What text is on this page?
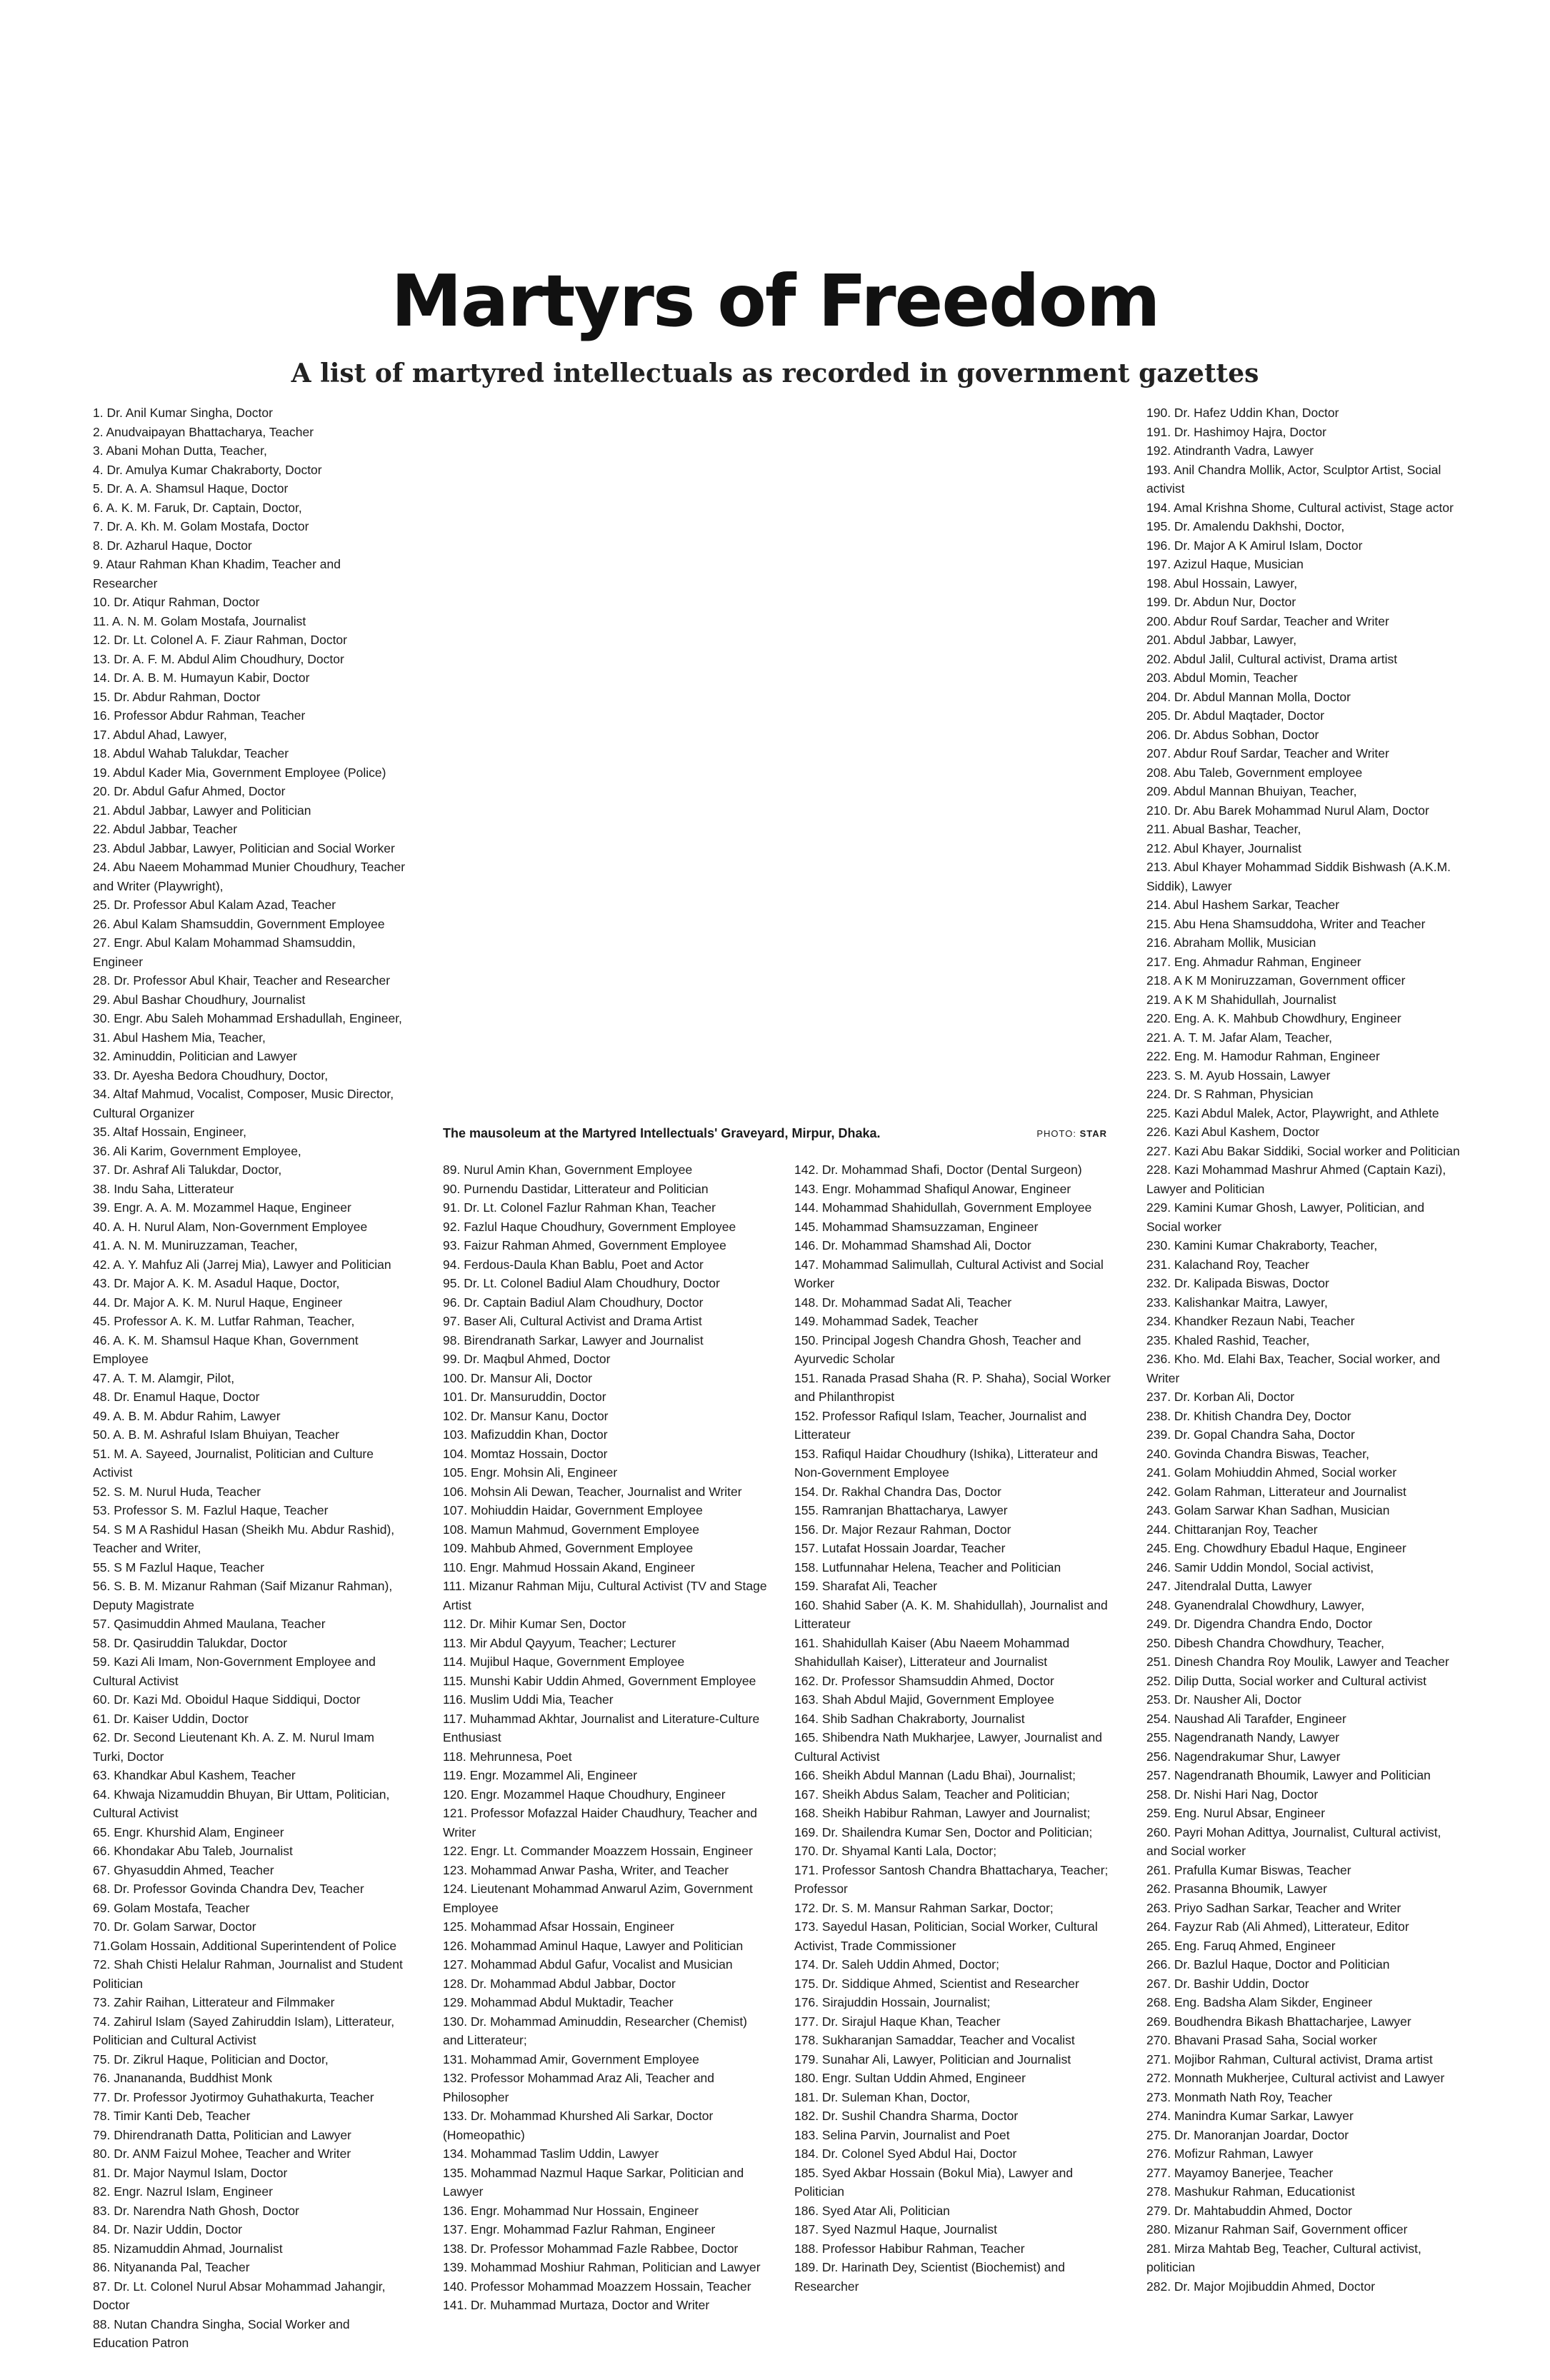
Martyrs of Freedom
A list of martyred intellectuals as recorded in government gazettes
1. Dr. Anil Kumar Singha, Doctor
2. Anudvaipayan Bhattacharya, Teacher
3. Abani Mohan Dutta, Teacher,
4. Dr. Amulya Kumar Chakraborty, Doctor
5. Dr. A. A. Shamsul Haque, Doctor
6. A. K. M. Faruk, Dr. Captain, Doctor,
7. Dr. A. Kh. M. Golam Mostafa, Doctor
8. Dr. Azharul Haque, Doctor
9. Ataur Rahman Khan Khadim, Teacher and Researcher
10. Dr. Atiqur Rahman, Doctor
11. A. N. M. Golam Mostafa, Journalist
12. Dr. Lt. Colonel A. F. Ziaur Rahman, Doctor
13. Dr. A. F. M. Abdul Alim Choudhury, Doctor
14. Dr. A. B. M. Humayun Kabir, Doctor
15. Dr. Abdur Rahman, Doctor
16. Professor Abdur Rahman, Teacher
17. Abdul Ahad, Lawyer,
18. Abdul Wahab Talukdar, Teacher
19. Abdul Kader Mia, Government Employee (Police)
20. Dr. Abdul Gafur Ahmed, Doctor
21. Abdul Jabbar, Lawyer and Politician
22. Abdul Jabbar, Teacher
23. Abdul Jabbar, Lawyer, Politician and Social Worker
24. Abu Naeem Mohammad Munier Choudhury, Teacher and Writer (Playwright),
25. Dr. Professor Abul Kalam Azad, Teacher
26. Abul Kalam Shamsuddin, Government Employee
27. Engr. Abul Kalam Mohammad Shamsuddin, Engineer
28. Dr. Professor Abul Khair, Teacher and Researcher
29. Abul Bashar Choudhury, Journalist
30. Engr. Abu Saleh Mohammad Ershadullah, Engineer,
31. Abul Hashem Mia, Teacher,
32. Aminuddin, Politician and Lawyer
33. Dr. Ayesha Bedora Choudhury, Doctor,
34. Altaf Mahmud, Vocalist, Composer, Music Director, Cultural Organizer
35. Altaf Hossain, Engineer,
36. Ali Karim, Government Employee,
37. Dr. Ashraf Ali Talukdar, Doctor,
38. Indu Saha, Litterateur
39. Engr. A. A. M. Mozammel Haque, Engineer
40. A. H. Nurul Alam, Non-Government Employee
41. A. N. M. Muniruzzaman, Teacher,
42. A. Y. Mahfuz Ali (Jarrej Mia), Lawyer and Politician
43. Dr. Major A. K. M. Asadul Haque, Doctor,
44. Dr. Major A. K. M. Nurul Haque, Engineer
45. Professor A. K. M. Lutfar Rahman, Teacher,
46. A. K. M. Shamsul Haque Khan, Government Employee
47. A. T. M. Alamgir, Pilot,
48. Dr. Enamul Haque, Doctor
49. A. B. M. Abdur Rahim, Lawyer
50. A. B. M. Ashraful Islam Bhuiyan, Teacher
51. M. A. Sayeed, Journalist, Politician and Culture Activist
52. S. M. Nurul Huda, Teacher
53. Professor S. M. Fazlul Haque, Teacher
54. S M A Rashidul Hasan (Sheikh Mu. Abdur Rashid), Teacher and Writer,
55. S M Fazlul Haque, Teacher
56. S. B. M. Mizanur Rahman (Saif Mizanur Rahman), Deputy Magistrate
57. Qasimuddin Ahmed Maulana, Teacher
58. Dr. Qasiruddin Talukdar, Doctor
59. Kazi Ali Imam, Non-Government Employee and Cultural Activist
60. Dr. Kazi Md. Oboidul Haque Siddiqui, Doctor
61. Dr. Kaiser Uddin, Doctor
62. Dr. Second Lieutenant Kh. A. Z. M. Nurul Imam Turki, Doctor
63. Khandkar Abul Kashem, Teacher
64. Khwaja Nizamuddin Bhuyan, Bir Uttam, Politician, Cultural Activist
65. Engr. Khurshid Alam, Engineer
66. Khondakar Abu Taleb, Journalist
67. Ghyasuddin Ahmed, Teacher
68. Dr. Professor Govinda Chandra Dev, Teacher
69. Golam Mostafa, Teacher
70. Dr. Golam Sarwar, Doctor
71.Golam Hossain, Additional Superintendent of Police
72. Shah Chisti Helalur Rahman, Journalist and Student Politician
73. Zahir Raihan, Litterateur and Filmmaker
74. Zahirul Islam (Sayed Zahiruddin Islam), Litterateur, Politician and Cultural Activist
75. Dr. Zikrul Haque, Politician and Doctor,
76. Jnanananda, Buddhist Monk
77. Dr. Professor Jyotirmoy Guhathakurta, Teacher
78. Timir Kanti Deb, Teacher
79. Dhirendranath Datta, Politician and Lawyer
80. Dr. ANM Faizul Mohee, Teacher and Writer
81. Dr. Major Naymul Islam, Doctor
82. Engr. Nazrul Islam, Engineer
83. Dr. Narendra Nath Ghosh, Doctor
84. Dr. Nazir Uddin, Doctor
85. Nizamuddin Ahmad, Journalist
86. Nityananda Pal, Teacher
87. Dr. Lt. Colonel Nurul Absar Mohammad Jahangir, Doctor
88. Nutan Chandra Singha, Social Worker and Education Patron
The mausoleum at the Martyred Intellectuals' Graveyard, Mirpur, Dhaka.	PHOTO: STAR
89. Nurul Amin Khan, Government Employee
90. Purnendu Dastidar, Litterateur and Politician
91. Dr. Lt. Colonel Fazlur Rahman Khan, Teacher
92. Fazlul Haque Choudhury, Government Employee
93. Faizur Rahman Ahmed, Government Employee
94. Ferdous-Daula Khan Bablu, Poet and Actor
95. Dr. Lt. Colonel Badiul Alam Choudhury, Doctor
96. Dr. Captain Badiul Alam Choudhury, Doctor
97. Baser Ali, Cultural Activist and Drama Artist
98. Birendranath Sarkar, Lawyer and Journalist
99. Dr. Maqbul Ahmed, Doctor
100. Dr. Mansur Ali, Doctor
101. Dr. Mansuruddin, Doctor
102. Dr. Mansur Kanu, Doctor
103. Mafizuddin Khan, Doctor
104. Momtaz Hossain, Doctor
105. Engr. Mohsin Ali, Engineer
106. Mohsin Ali Dewan, Teacher, Journalist and Writer
107. Mohiuddin Haidar, Government Employee
108. Mamun Mahmud, Government Employee
109. Mahbub Ahmed, Government Employee
110. Engr. Mahmud Hossain Akand, Engineer
111. Mizanur Rahman Miju, Cultural Activist (TV and Stage Artist
112. Dr. Mihir Kumar Sen, Doctor
113. Mir Abdul Qayyum, Teacher; Lecturer
114. Mujibul Haque, Government Employee
115. Munshi Kabir Uddin Ahmed, Government Employee
116. Muslim Uddi Mia, Teacher
117. Muhammad Akhtar, Journalist and Literature-Culture Enthusiast
118. Mehrunnesa, Poet
119. Engr. Mozammel Ali, Engineer
120. Engr. Mozammel Haque Choudhury, Engineer
121. Professor Mofazzal Haider Chaudhury, Teacher and Writer
122. Engr. Lt. Commander Moazzem Hossain, Engineer
123. Mohammad Anwar Pasha, Writer, and Teacher
124. Lieutenant Mohammad Anwarul Azim, Government Employee
125. Mohammad Afsar Hossain, Engineer
126. Mohammad Aminul Haque, Lawyer and Politician
127. Mohammad Abdul Gafur, Vocalist and Musician
128. Dr. Mohammad Abdul Jabbar, Doctor
129. Mohammad Abdul Muktadir, Teacher
130. Dr. Mohammad Aminuddin, Researcher (Chemist) and Litterateur;
131. Mohammad Amir, Government Employee
132. Professor Mohammad Araz Ali, Teacher and Philosopher
133. Dr. Mohammad Khurshed Ali Sarkar, Doctor (Homeopathic)
134. Mohammad Taslim Uddin, Lawyer
135. Mohammad Nazmul Haque Sarkar, Politician and Lawyer
136. Engr. Mohammad Nur Hossain, Engineer
137. Engr. Mohammad Fazlur Rahman, Engineer
138. Dr. Professor Mohammad Fazle Rabbee, Doctor
139. Mohammad Moshiur Rahman, Politician and Lawyer
140. Professor Mohammad Moazzem Hossain, Teacher
141. Dr. Muhammad Murtaza, Doctor and Writer
142. Dr. Mohammad Shafi, Doctor (Dental Surgeon)
143. Engr. Mohammad Shafiqul Anowar, Engineer
144. Mohammad Shahidullah, Government Employee
145. Mohammad Shamsuzzaman, Engineer
146. Dr. Mohammad Shamshad Ali, Doctor
147. Mohammad Salimullah, Cultural Activist and Social Worker
148. Dr. Mohammad Sadat Ali, Teacher
149. Mohammad Sadek, Teacher
150. Principal Jogesh Chandra Ghosh, Teacher and Ayurvedic Scholar
151. Ranada Prasad Shaha (R. P. Shaha), Social Worker and Philanthropist
152. Professor Rafiqul Islam, Teacher, Journalist and Litterateur
153. Rafiqul Haidar Choudhury (Ishika), Litterateur and Non-Government Employee
154. Dr. Rakhal Chandra Das, Doctor
155. Ramranjan Bhattacharya, Lawyer
156. Dr. Major Rezaur Rahman, Doctor
157. Lutafat Hossain Joardar, Teacher
158. Lutfunnahar Helena, Teacher and Politician
159. Sharafat Ali, Teacher
160. Shahid Saber (A. K. M. Shahidullah), Journalist and Litterateur
161. Shahidullah Kaiser (Abu Naeem Mohammad Shahidullah Kaiser), Litterateur and Journalist
162. Dr. Professor Shamsuddin Ahmed, Doctor
163. Shah Abdul Majid, Government Employee
164. Shib Sadhan Chakraborty, Journalist
165. Shibendra Nath Mukharjee, Lawyer, Journalist and Cultural Activist
166. Sheikh Abdul Mannan (Ladu Bhai), Journalist;
167. Sheikh Abdus Salam, Teacher and Politician;
168. Sheikh Habibur Rahman, Lawyer and Journalist;
169. Dr. Shailendra Kumar Sen, Doctor and Politician;
170. Dr. Shyamal Kanti Lala, Doctor;
171. Professor Santosh Chandra Bhattacharya, Teacher; Professor
172. Dr. S. M. Mansur Rahman Sarkar, Doctor;
173. Sayedul Hasan, Politician, Social Worker, Cultural Activist, Trade Commissioner
174. Dr. Saleh Uddin Ahmed, Doctor;
175. Dr. Siddique Ahmed, Scientist and Researcher
176. Sirajuddin Hossain, Journalist;
177. Dr. Sirajul Haque Khan, Teacher
178. Sukharanjan Samaddar, Teacher and Vocalist
179. Sunahar Ali, Lawyer, Politician and Journalist
180. Engr. Sultan Uddin Ahmed, Engineer
181. Dr. Suleman Khan, Doctor,
182. Dr. Sushil Chandra Sharma, Doctor
183. Selina Parvin, Journalist and Poet
184. Dr. Colonel Syed Abdul Hai, Doctor
185. Syed Akbar Hossain (Bokul Mia), Lawyer and Politician
186. Syed Atar Ali, Politician
187. Syed Nazmul Haque, Journalist
188. Professor Habibur Rahman, Teacher
189. Dr. Harinath Dey, Scientist (Biochemist) and Researcher
190. Dr. Hafez Uddin Khan, Doctor
191. Dr. Hashimoy Hajra, Doctor
192. Atindranth Vadra, Lawyer
193. Anil Chandra Mollik, Actor, Sculptor Artist, Social activist
194. Amal Krishna Shome, Cultural activist, Stage actor
195. Dr. Amalendu Dakhshi, Doctor,
196. Dr. Major A K Amirul Islam, Doctor
197. Azizul Haque, Musician
198. Abul Hossain, Lawyer,
199. Dr. Abdun Nur, Doctor
200. Abdur Rouf Sardar, Teacher and Writer
201. Abdul Jabbar, Lawyer,
202. Abdul Jalil, Cultural activist, Drama artist
203. Abdul Momin, Teacher
204. Dr. Abdul Mannan Molla, Doctor
205. Dr. Abdul Maqtader, Doctor
206. Dr. Abdus Sobhan, Doctor
207. Abdur Rouf Sardar, Teacher and Writer
208. Abu Taleb, Government employee
209. Abdul Mannan Bhuiyan, Teacher,
210. Dr. Abu Barek Mohammad Nurul Alam, Doctor
211. Abual Bashar, Teacher,
212. Abul Khayer, Journalist
213. Abul Khayer Mohammad Siddik Bishwash (A.K.M. Siddik), Lawyer
214. Abul Hashem Sarkar, Teacher
215. Abu Hena Shamsuddoha, Writer and Teacher
216. Abraham Mollik, Musician
217. Eng. Ahmadur Rahman, Engineer
218. A K M Moniruzzaman, Government officer
219. A K M Shahidullah, Journalist
220. Eng. A. K. Mahbub Chowdhury, Engineer
221. A. T. M. Jafar Alam, Teacher,
222. Eng. M. Hamodur Rahman, Engineer
223. S. M. Ayub Hossain, Lawyer
224. Dr. S Rahman, Physician
225. Kazi Abdul Malek, Actor, Playwright, and Athlete
226. Kazi Abul Kashem, Doctor
227. Kazi Abu Bakar Siddiki, Social worker and Politician
228. Kazi Mohammad Mashrur Ahmed (Captain Kazi), Lawyer and Politician
229. Kamini Kumar Ghosh, Lawyer, Politician, and Social worker
230. Kamini Kumar Chakraborty, Teacher,
231. Kalachand Roy, Teacher
232. Dr. Kalipada Biswas, Doctor
233. Kalishankar Maitra, Lawyer,
234. Khandker Rezaun Nabi, Teacher
235. Khaled Rashid, Teacher,
236. Kho. Md. Elahi Bax, Teacher, Social worker, and Writer
237. Dr. Korban Ali, Doctor
238. Dr. Khitish Chandra Dey, Doctor
239. Dr. Gopal Chandra Saha, Doctor
240. Govinda Chandra Biswas, Teacher,
241. Golam Mohiuddin Ahmed, Social worker
242. Golam Rahman, Litterateur and Journalist
243. Golam Sarwar Khan Sadhan, Musician
244. Chittaranjan Roy, Teacher
245. Eng. Chowdhury Ebadul Haque, Engineer
246. Samir Uddin Mondol, Social activist,
247. Jitendralal Dutta, Lawyer
248. Gyanendralal Chowdhury, Lawyer,
249. Dr. Digendra Chandra Endo, Doctor
250. Dibesh Chandra Chowdhury, Teacher,
251. Dinesh Chandra Roy Moulik, Lawyer and Teacher
252. Dilip Dutta, Social worker and Cultural activist
253. Dr. Nausher Ali, Doctor
254. Naushad Ali Tarafder, Engineer
255. Nagendranath Nandy, Lawyer
256. Nagendrakumar Shur, Lawyer
257. Nagendranath Bhoumik, Lawyer and Politician
258. Dr. Nishi Hari Nag, Doctor
259. Eng. Nurul Absar, Engineer
260. Payri Mohan Adittya, Journalist, Cultural activist, and Social worker
261. Prafulla Kumar Biswas, Teacher
262. Prasanna Bhoumik, Lawyer
263. Priyo Sadhan Sarkar, Teacher and Writer
264. Fayzur Rab (Ali Ahmed), Litterateur, Editor
265. Eng. Faruq Ahmed, Engineer
266. Dr. Bazlul Haque, Doctor and Politician
267. Dr. Bashir Uddin, Doctor
268. Eng. Badsha Alam Sikder, Engineer
269. Boudhendra Bikash Bhattacharjee, Lawyer
270. Bhavani Prasad Saha, Social worker
271. Mojibor Rahman, Cultural activist, Drama artist
272. Monnath Mukherjee, Cultural activist and Lawyer
273. Monmath Nath Roy, Teacher
274. Manindra Kumar Sarkar, Lawyer
275. Dr. Manoranjan Joardar, Doctor
276. Mofizur Rahman, Lawyer
277. Mayamoy Banerjee, Teacher
278. Mashukur Rahman, Educationist
279. Dr. Mahtabuddin Ahmed, Doctor
280. Mizanur Rahman Saif, Government officer
281. Mirza Mahtab Beg, Teacher, Cultural activist, politician
282. Dr. Major Mojibuddin Ahmed, Doctor
